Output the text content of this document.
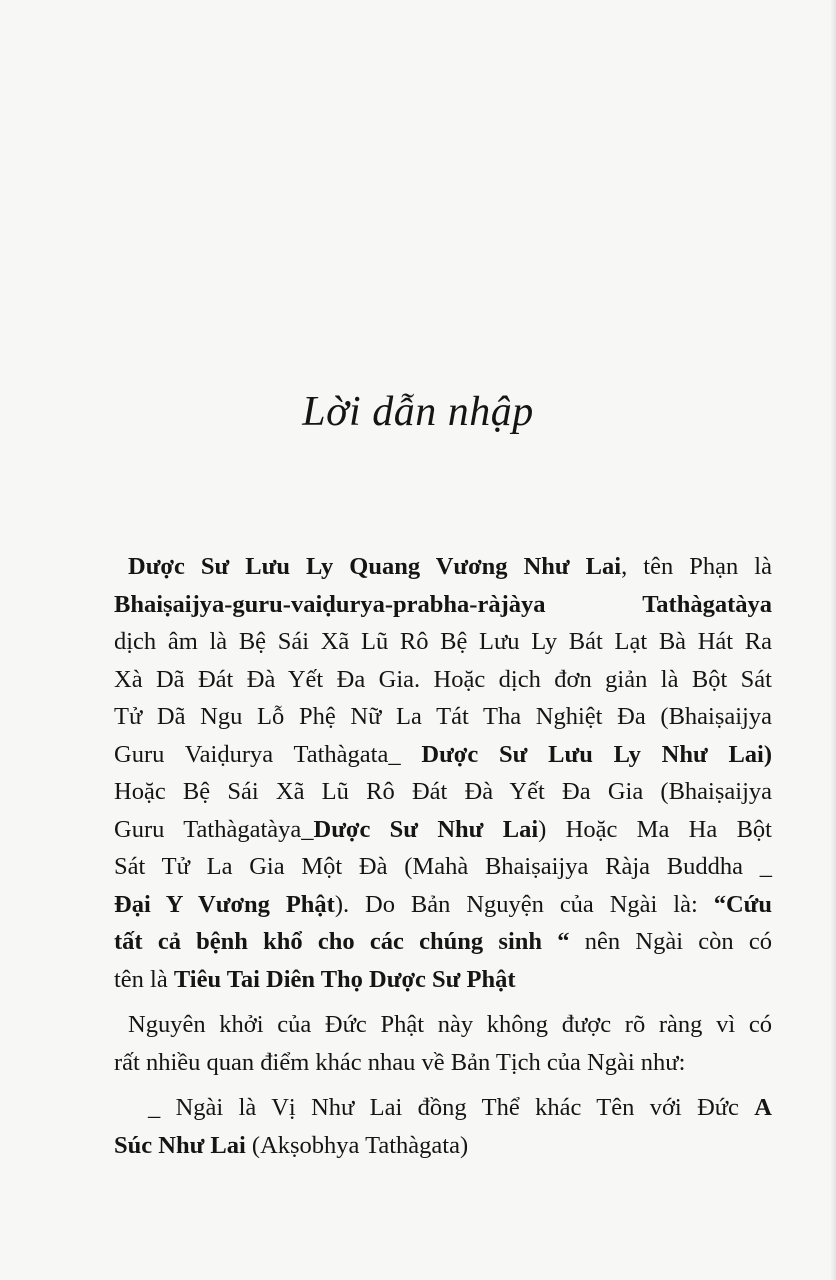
Lời dẫn nhập

Dược Sư Lưu Ly Quang Vương Như Lai, tên Phạn là
Bhaiṣaijya-guru-vaiḍurya-prabha-ràjàya Tathàgatàya
dịch âm là Bệ Sái Xã Lũ Rô Bệ Lưu Ly Bát Lạt Bà Hát Ra
Xà Dã Đát Đà Yết Đa Gia. Hoặc dịch đơn giản là Bột Sát
Tử Dã Ngu Lỗ Phệ Nữ La Tát Tha Nghiệt Đa (Bhaiṣaijya
Guru Vaiḍurya Tathàgata_ Dược Sư Lưu Ly Như Lai)
Hoặc Bệ Sái Xã Lũ Rô Đát Đà Yết Đa Gia (Bhaiṣaijya
Guru Tathàgatàya_Dược Sư Như Lai) Hoặc Ma Ha Bột
Sát Tử La Gia Một Đà (Mahà Bhaiṣaijya Ràja Buddha _
Đại Y Vương Phật). Do Bản Nguyện của Ngài là: “Cứu
tất cả bệnh khổ cho các chúng sinh “ nên Ngài còn có
tên là Tiêu Tai Diên Thọ Dược Sư Phật

Nguyên khởi của Đức Phật này không được rõ ràng vì có
rất nhiều quan điểm khác nhau về Bản Tịch của Ngài như:

_ Ngài là Vị Như Lai đồng Thể khác Tên với Đức A
Súc Như Lai (Akṣobhya Tathàgata)
